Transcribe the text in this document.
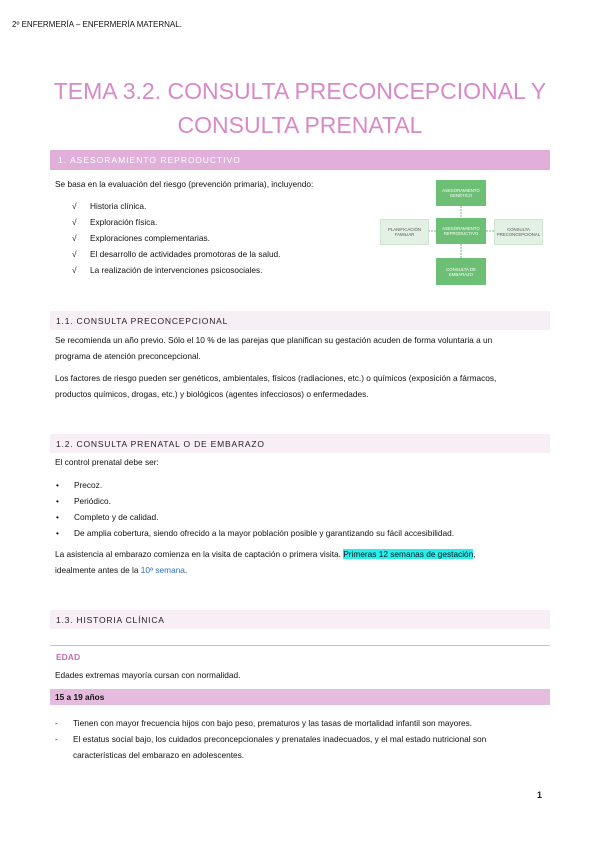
2º ENFERMERÍA – ENFERMERÍA MATERNAL.
TEMA 3.2. CONSULTA PRECONCEPCIONAL Y
CONSULTA PRENATAL
1. ASESORAMIENTO REPRODUCTIVO
Se basa en la evaluación del riesgo (prevención primaria), incluyendo:
√ Historia clínica.
√ Exploración física.
√ Exploraciones complementarias.
√ El desarrollo de actividades promotoras de la salud.
√ La realización de intervenciones psicosociales.
ASESORAMIENTO GENÉTICO
PLANIFICACIÓN FAMILIAR
ASESORAMIENTO REPRODUCTIVO
CONSULTA PRECONCEPCIONAL
CONSULTA DE EMBARAZO
1.1. CONSULTA PRECONCEPCIONAL
Se recomienda un año previo. Sólo el 10 % de las parejas que planifican su gestación acuden de forma voluntaria a un
programa de atención preconcepcional.
Los factores de riesgo pueden ser genéticos, ambientales, físicos (radiaciones, etc.) o químicos (exposición a fármacos,
productos químicos, drogas, etc.) y biológicos (agentes infecciosos) o enfermedades.
1.2. CONSULTA PRENATAL O DE EMBARAZO
El control prenatal debe ser:
• Precoz.
• Periódico.
• Completo y de calidad.
• De amplia cobertura, siendo ofrecido a la mayor población posible y garantizando su fácil accesibilidad.
La asistencia al embarazo comienza en la visita de captación o primera visita. Primeras 12 semanas de gestación,
idealmente antes de la 10ª semana.
1.3. HISTORIA CLÍNICA
EDAD
Edades extremas mayoría cursan con normalidad.
15 a 19 años
- Tienen con mayor frecuencia hijos con bajo peso, prematuros y las tasas de mortalidad infantil son mayores.
- El estatus social bajo, los cuidados preconcepcionales y prenatales inadecuados, y el mal estado nutricional son
características del embarazo en adolescentes.
1
